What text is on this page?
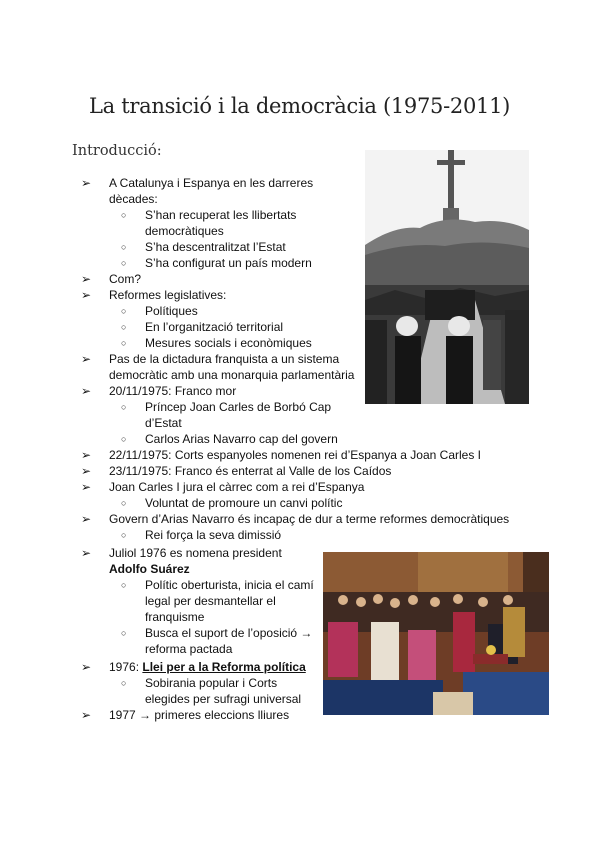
La transició i la democràcia (1975-2011)
Introducció:
➢ A Catalunya i Espanya en les darreres
dècades:
○ S’han recuperat les llibertats
democràtiques
○ S’ha descentralitzat l’Estat
○ S’ha configurat un país modern
➢ Com?
➢ Reformes legislatives:
○ Polítiques
○ En l’organització territorial
○ Mesures socials i econòmiques
➢ Pas de la dictadura franquista a un sistema
democràtic amb una monarquia parlamentària
➢ 20/11/1975: Franco mor
○ Príncep Joan Carles de Borbó Cap
d’Estat
○ Carlos Arias Navarro cap del govern
➢ 22/11/1975: Corts espanyoles nomenen rei d’Espanya a Joan Carles I
➢ 23/11/1975: Franco és enterrat al Valle de los Caídos
➢ Joan Carles I jura el càrrec com a rei d’Espanya
○ Voluntat de promoure un canvi polític
➢ Govern d’Arias Navarro és incapaç de dur a terme reformes democràtiques
○ Rei força la seva dimissió
➢ Juliol 1976 es nomena president
Adolfo Suárez
○ Polític oberturista, inicia el camí
legal per desmantellar el
franquisme
○ Busca el suport de l’oposició →
reforma pactada
➢ 1976: Llei per a la Reforma política
○ Sobirania popular i Corts
elegides per sufragi universal
➢ 1977 → primeres eleccions lliures
